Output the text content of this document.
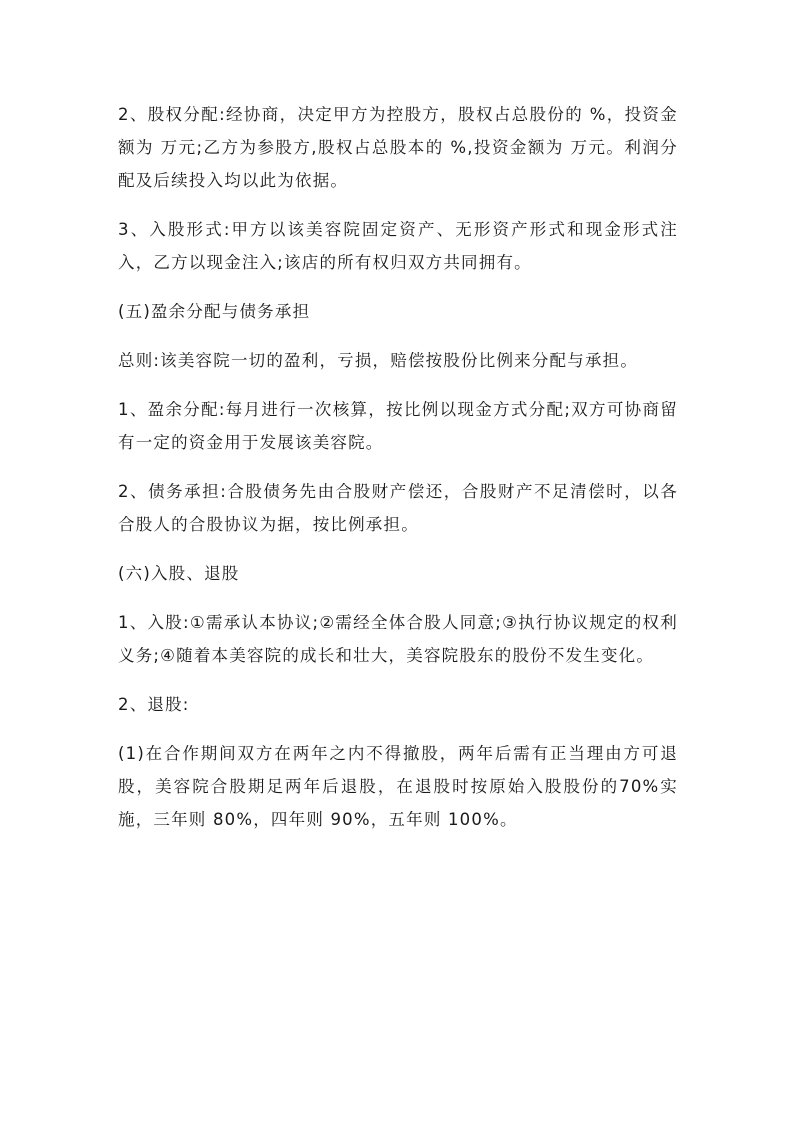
2、股权分配:经协商，决定甲方为控股方，股权占总股份的 %，投资金额为 万元;乙方为参股方,股权占总股本的 %,投资金额为 万元。利润分配及后续投入均以此为依据。

3、入股形式:甲方以该美容院固定资产、无形资产形式和现金形式注入，乙方以现金注入;该店的所有权归双方共同拥有。

(五)盈余分配与债务承担

总则:该美容院一切的盈利，亏损，赔偿按股份比例来分配与承担。

1、盈余分配:每月进行一次核算，按比例以现金方式分配;双方可协商留有一定的资金用于发展该美容院。

2、债务承担:合股债务先由合股财产偿还，合股财产不足清偿时，以各合股人的合股协议为据，按比例承担。

(六)入股、退股

1、入股:①需承认本协议;②需经全体合股人同意;③执行协议规定的权利义务;④随着本美容院的成长和壮大，美容院股东的股份不发生变化。

2、退股:

(1)在合作期间双方在两年之内不得撤股，两年后需有正当理由方可退股，美容院合股期足两年后退股，在退股时按原始入股股份的70%实施，三年则 80%，四年则 90%，五年则 100%。
